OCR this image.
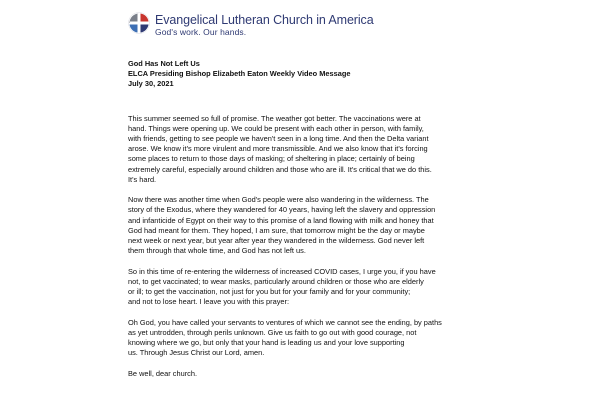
Evangelical Lutheran Church in America
God's work. Our hands.

God Has Not Left Us
ELCA Presiding Bishop Elizabeth Eaton Weekly Video Message
July 30, 2021

This summer seemed so full of promise. The weather got better. The vaccinations were at
hand. Things were opening up. We could be present with each other in person, with family,
with friends, getting to see people we haven't seen in a long time. And then the Delta variant
arose. We know it's more virulent and more transmissible. And we also know that it's forcing
some places to return to those days of masking; of sheltering in place; certainly of being
extremely careful, especially around children and those who are ill. It's critical that we do this.
It's hard.

Now there was another time when God's people were also wandering in the wilderness. The
story of the Exodus, where they wandered for 40 years, having left the slavery and oppression
and infanticide of Egypt on their way to this promise of a land flowing with milk and honey that
God had meant for them. They hoped, I am sure, that tomorrow might be the day or maybe
next week or next year, but year after year they wandered in the wilderness. God never left
them through that whole time, and God has not left us.

So in this time of re-entering the wilderness of increased COVID cases, I urge you, if you have
not, to get vaccinated; to wear masks, particularly around children or those who are elderly
or ill; to get the vaccination, not just for you but for your family and for your community;
and not to lose heart. I leave you with this prayer:

Oh God, you have called your servants to ventures of which we cannot see the ending, by paths
as yet untrodden, through perils unknown. Give us faith to go out with good courage, not
knowing where we go, but only that your hand is leading us and your love supporting
us. Through Jesus Christ our Lord, amen.

Be well, dear church.
